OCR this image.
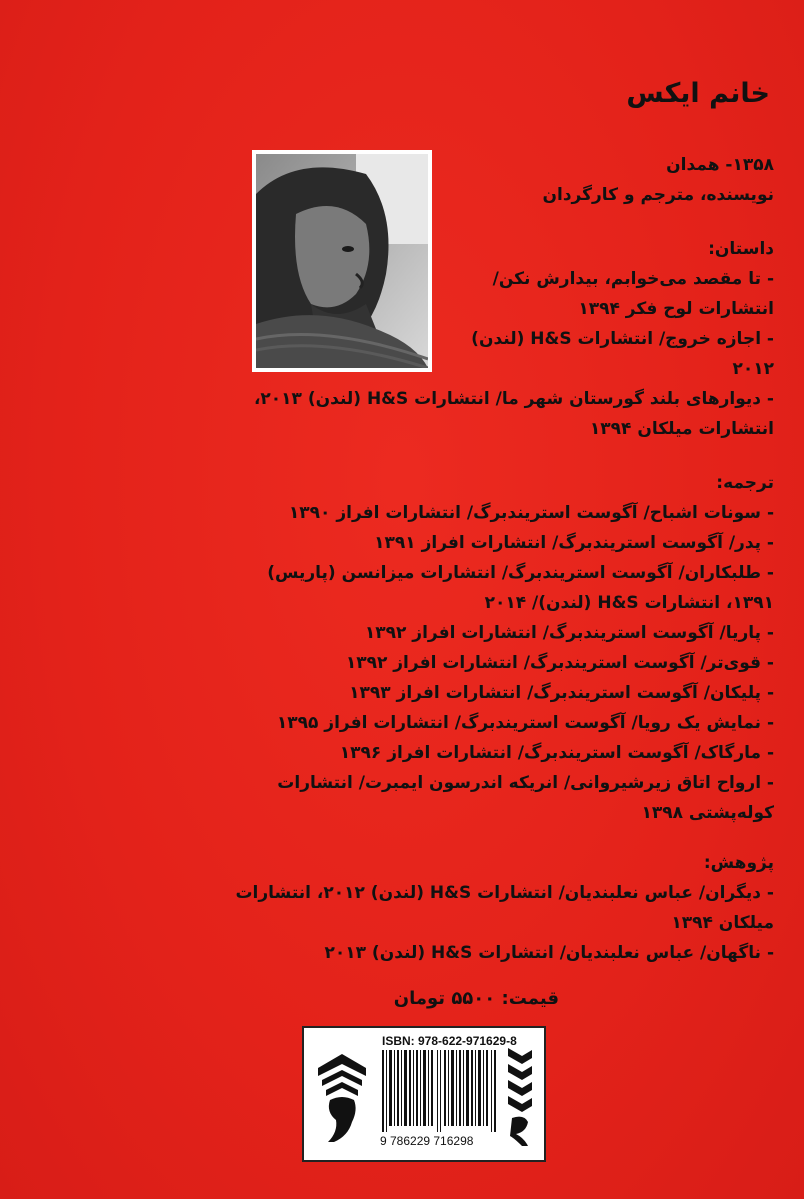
خانم ایکس
۱۳۵۸- همدان
نویسنده، مترجم و کارگردان
داستان:
- تا مقصد می‌خوابم، بیدارش نکن/
انتشارات لوح فکر ۱۳۹۴
- اجازه خروج/ انتشارات H&S (لندن)
۲۰۱۲
- دیوارهای بلند گورستان شهر ما/ انتشارات H&S (لندن) ۲۰۱۳،
انتشارات میلکان ۱۳۹۴
ترجمه:
- سونات اشباح/ آگوست استریندبرگ/ انتشارات افراز ۱۳۹۰
- پدر/ آگوست استریندبرگ/ انتشارات افراز ۱۳۹۱
- طلبکاران/ آگوست استریندبرگ/ انتشارات میزانسن (پاریس)
۱۳۹۱، انتشارات H&S (لندن)/ ۲۰۱۴
- پاریا/ آگوست استریندبرگ/ انتشارات افراز ۱۳۹۲
- قوی‌تر/ آگوست استریندبرگ/ انتشارات افراز ۱۳۹۲
- پلیکان/ آگوست استریندبرگ/ انتشارات افراز ۱۳۹۳
- نمایش یک رویا/ آگوست استریندبرگ/ انتشارات افراز ۱۳۹۵
- مارگاک/ آگوست استریندبرگ/ انتشارات افراز ۱۳۹۶
- ارواح اتاق زیرشیروانی/ انریکه اندرسون ایمبرت/ انتشارات
کوله‌پشتی ۱۳۹۸
پژوهش:
- دیگران/ عباس نعلبندیان/ انتشارات H&S (لندن) ۲۰۱۲، انتشارات
میلکان ۱۳۹۴
- ناگهان/ عباس نعلبندیان/ انتشارات H&S (لندن) ۲۰۱۳
قیمت: ۵۵۰۰ تومان
ISBN: 978-622-971629-8
9 786229 716298
